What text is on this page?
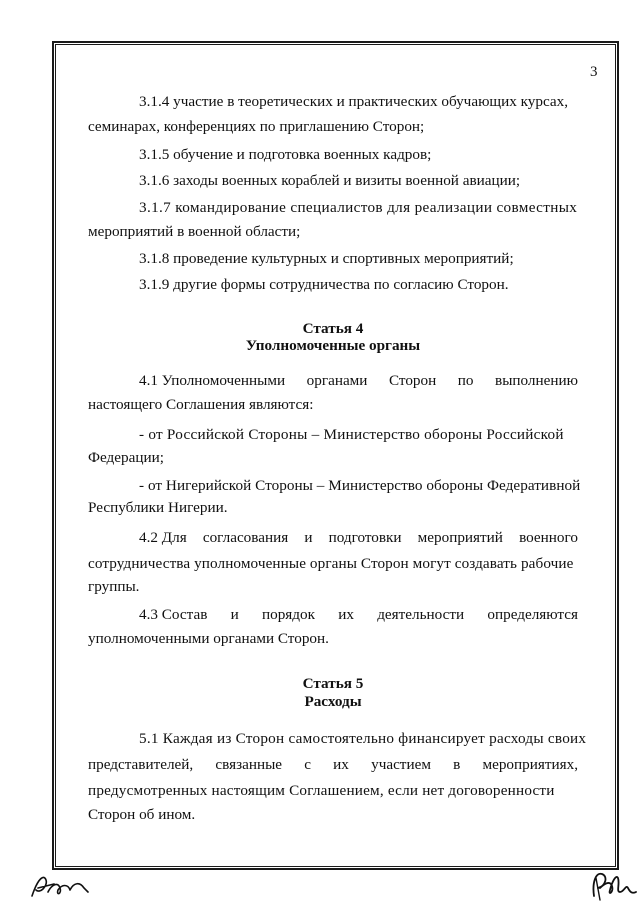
3
3.1.4 участие в теоретических и практических обучающих курсах,
семинарах, конференциях по приглашению Сторон;
3.1.5 обучение и подготовка военных кадров;
3.1.6 заходы военных кораблей и визиты военной авиации;
3.1.7 командирование специалистов для реализации совместных
мероприятий в военной области;
3.1.8 проведение культурных и спортивных мероприятий;
3.1.9 другие формы сотрудничества по согласию Сторон.
Статья 4
Уполномоченные органы
4.1 Уполномоченными органами Сторон по выполнению
настоящего Соглашения являются:
- от Российской Стороны – Министерство обороны Российской
Федерации;
- от Нигерийской Стороны – Министерство обороны Федеративной
Республики Нигерии.
4.2 Для согласования и подготовки мероприятий военного
сотрудничества уполномоченные органы Сторон могут создавать рабочие
группы.
4.3 Состав и порядок их деятельности определяются
уполномоченными органами Сторон.
Статья 5
Расходы
5.1 Каждая из Сторон самостоятельно финансирует расходы своих
представителей, связанные с их участием в мероприятиях,
предусмотренных настоящим Соглашением, если нет договоренности
Сторон об ином.
